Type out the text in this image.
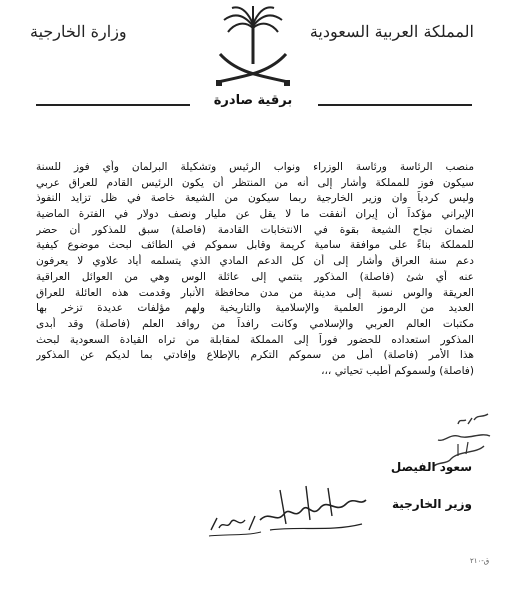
المملكة العربية السعودية
وزارة الخارجية
برقية صادرة
منصب الرئاسة ورئاسة الوزراء ونواب الرئيس وتشكيلة البرلمان وأي فوز للسنة
سيكون فوز للمملكة وأشار إلى أنه من المنتظر أن يكون الرئيس القادم للعراق عربي
وليس كردياً وان وزير الخارجية ربما سيكون من الشيعة خاصة في ظل تزايد النفوذ
الإيراني مؤكداً أن إيران أنفقت ما لا يقل عن مليار ونصف دولار في الفترة الماضية
لضمان نجاح الشيعة بقوة في الانتخابات القادمة (فاصلة) سبق للمذكور أن حضر
للمملكة بناءً على موافقة سامية كريمة وقابل سموكم في الطائف لبحث موضوع كيفية
دعم سنة العراق وأشار إلى أن كل الدعم المادي الذي يتسلمه أياد علاوي لا يعرفون
عنه أي شئ (فاصلة) المذكور ينتمي إلى عائلة الوس وهي من العوائل العراقية
العريقة والوس نسبة إلى مدينة من مدن محافظة الأنبار وقدمت هذه العائلة للعراق
العديد من الرموز العلمية والإسلامية والتاريخية ولهم مؤلفات عديدة تزخر بها
مكتبات العالم العربي والإسلامي وكانت رافداً من روافد العلم (فاصلة) وقد أبدى
المذكور استعداده للحضور فوراً إلى المملكة لمقابلة من تراه القيادة السعودية لبحث
هذا الأمر (فاصلة) أمل من سموكم التكرم بالإطلاع وإفادتي بما لديكم عن المذكور
(فاصلة) ولسموكم أطيب تحياتي ،،،
سعود الفيصل
وزير الخارجية
ق-٢١٠
